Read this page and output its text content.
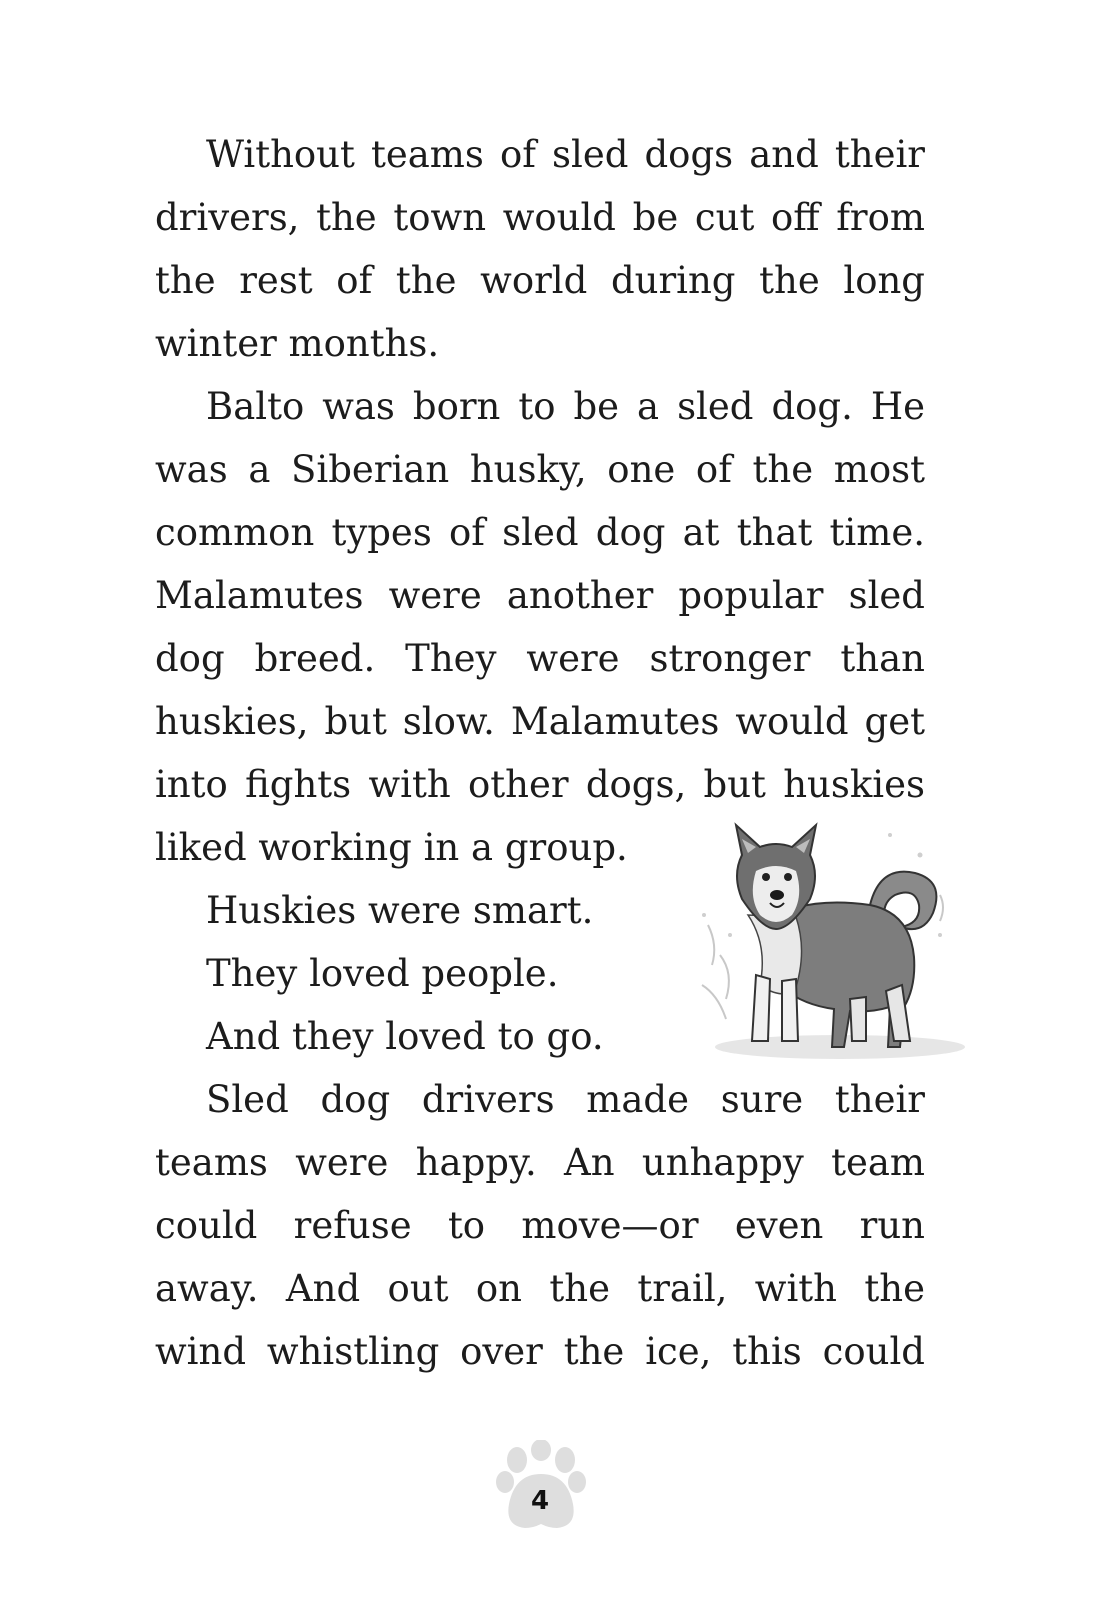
Without teams of sled dogs and their
drivers, the town would be cut off from
the rest of the world during the long
winter months.
Balto was born to be a sled dog. He
was a Siberian husky, one of the most
common types of sled dog at that time.
Malamutes were another popular sled
dog breed. They were stronger than
huskies, but slow. Malamutes would get
into fights with other dogs, but huskies
liked working in a group.
Huskies were smart.
They loved people.
And they loved to go.
Sled dog drivers made sure their
teams were happy. An unhappy team
could refuse to move—or even run
away. And out on the trail, with the
wind whistling over the ice, this could
4
